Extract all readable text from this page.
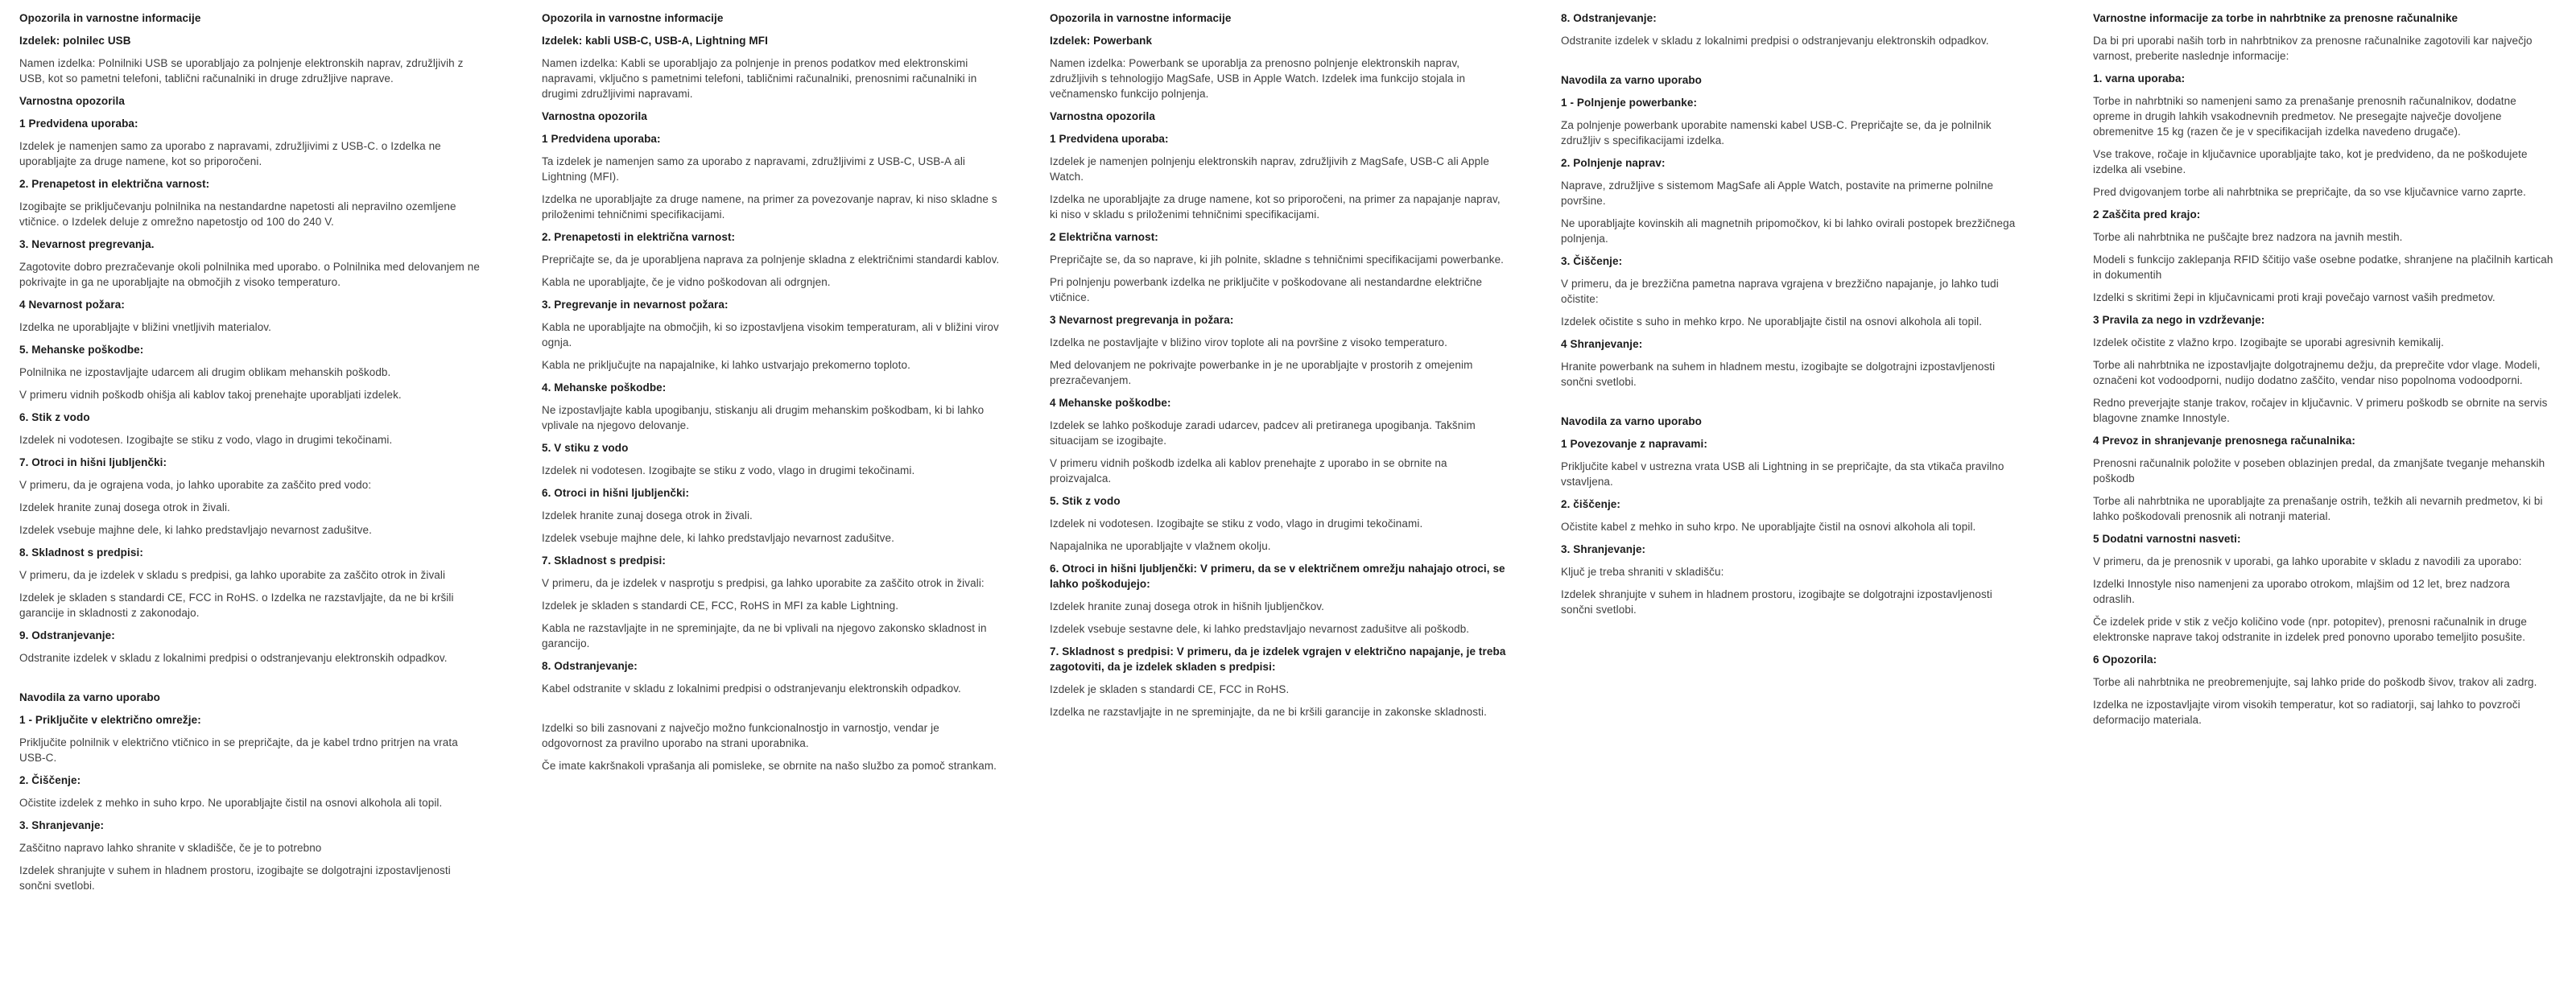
Opozorila in varnostne informacije

Izdelek: polnilec USB

Namen izdelka: Polnilniki USB se uporabljajo za polnjenje elektronskih naprav, združljivih z USB, kot so pametni telefoni, tablični računalniki in druge združljive naprave.

Varnostna opozorila

1 Predvidena uporaba:

Izdelek je namenjen samo za uporabo z napravami, združljivimi z USB-C. o Izdelka ne uporabljajte za druge namene, kot so priporočeni.

2. Prenapetost in električna varnost:

Izogibajte se priključevanju polnilnika na nestandardne napetosti ali nepravilno ozemljene vtičnice. o Izdelek deluje z omrežno napetostjo od 100 do 240 V.

3. Nevarnost pregrevanja.

Zagotovite dobro prezračevanje okoli polnilnika med uporabo. o Polnilnika med delovanjem ne pokrivajte in ga ne uporabljajte na območjih z visoko temperaturo.

4 Nevarnost požara:

Izdelka ne uporabljajte v bližini vnetljivih materialov.

5. Mehanske poškodbe:

Polnilnika ne izpostavljajte udarcem ali drugim oblikam mehanskih poškodb.

V primeru vidnih poškodb ohišja ali kablov takoj prenehajte uporabljati izdelek.

6. Stik z vodo

Izdelek ni vodotesen. Izogibajte se stiku z vodo, vlago in drugimi tekočinami.

7. Otroci in hišni ljubljenčki:

V primeru, da je ograjena voda, jo lahko uporabite za zaščito pred vodo:

Izdelek hranite zunaj dosega otrok in živali.

Izdelek vsebuje majhne dele, ki lahko predstavljajo nevarnost zadušitve.

8. Skladnost s predpisi:

V primeru, da je izdelek v skladu s predpisi, ga lahko uporabite za zaščito otrok in živali

Izdelek je skladen s standardi CE, FCC in RoHS. o Izdelka ne razstavljajte, da ne bi kršili garancije in skladnosti z zakonodajo.

9. Odstranjevanje:

Odstranite izdelek v skladu z lokalnimi predpisi o odstranjevanju elektronskih odpadkov.

Navodila za varno uporabo

1 - Priključite v električno omrežje:

Priključite polnilnik v električno vtičnico in se prepričajte, da je kabel trdno pritrjen na vrata USB-C.

2. Čiščenje:

Očistite izdelek z mehko in suho krpo. Ne uporabljajte čistil na osnovi alkohola ali topil.

3. Shranjevanje:

Zaščitno napravo lahko shranite v skladišče, če je to potrebno

Izdelek shranjujte v suhem in hladnem prostoru, izogibajte se dolgotrajni izpostavljenosti sončni svetlobi.

Opozorila in varnostne informacije

Izdelek: kabli USB-C, USB-A, Lightning MFI

Namen izdelka: Kabli se uporabljajo za polnjenje in prenos podatkov med elektronskimi napravami, vključno s pametnimi telefoni, tabličnimi računalniki, prenosnimi računalniki in drugimi združljivimi napravami.

Varnostna opozorila

1 Predvidena uporaba:

Ta izdelek je namenjen samo za uporabo z napravami, združljivimi z USB-C, USB-A ali Lightning (MFI).

Izdelka ne uporabljajte za druge namene, na primer za povezovanje naprav, ki niso skladne s priloženimi tehničnimi specifikacijami.

2. Prenapetosti in električna varnost:

Prepričajte se, da je uporabljena naprava za polnjenje skladna z električnimi standardi kablov.

Kabla ne uporabljajte, če je vidno poškodovan ali odrgnjen.

3. Pregrevanje in nevarnost požara:

Kabla ne uporabljajte na območjih, ki so izpostavljena visokim temperaturam, ali v bližini virov ognja.

Kabla ne priključujte na napajalnike, ki lahko ustvarjajo prekomerno toploto.

4. Mehanske poškodbe:

Ne izpostavljajte kabla upogibanju, stiskanju ali drugim mehanskim poškodbam, ki bi lahko vplivale na njegovo delovanje.

5. V stiku z vodo

Izdelek ni vodotesen. Izogibajte se stiku z vodo, vlago in drugimi tekočinami.

6. Otroci in hišni ljubljenčki:

Izdelek hranite zunaj dosega otrok in živali.

Izdelek vsebuje majhne dele, ki lahko predstavljajo nevarnost zadušitve.

7. Skladnost s predpisi:

V primeru, da je izdelek v nasprotju s predpisi, ga lahko uporabite za zaščito otrok in živali:

Izdelek je skladen s standardi CE, FCC, RoHS in MFI za kable Lightning.

Kabla ne razstavljajte in ne spreminjajte, da ne bi vplivali na njegovo zakonsko skladnost in garancijo.

8. Odstranjevanje:

Kabel odstranite v skladu z lokalnimi predpisi o odstranjevanju elektronskih odpadkov.

Izdelki so bili zasnovani z največjo možno funkcionalnostjo in varnostjo, vendar je odgovornost za pravilno uporabo na strani uporabnika.

Če imate kakršnakoli vprašanja ali pomisleke, se obrnite na našo službo za pomoč strankam.

Opozorila in varnostne informacije

Izdelek: Powerbank

Namen izdelka: Powerbank se uporablja za prenosno polnjenje elektronskih naprav, združljivih s tehnologijo MagSafe, USB in Apple Watch. Izdelek ima funkcijo stojala in večnamensko funkcijo polnjenja.

Varnostna opozorila

1 Predvidena uporaba:

Izdelek je namenjen polnjenju elektronskih naprav, združljivih z MagSafe, USB-C ali Apple Watch.

Izdelka ne uporabljajte za druge namene, kot so priporočeni, na primer za napajanje naprav, ki niso v skladu s priloženimi tehničnimi specifikacijami.

2 Električna varnost:

Prepričajte se, da so naprave, ki jih polnite, skladne s tehničnimi specifikacijami powerbanke.

Pri polnjenju powerbank izdelka ne priključite v poškodovane ali nestandardne električne vtičnice.

3 Nevarnost pregrevanja in požara:

Izdelka ne postavljajte v bližino virov toplote ali na površine z visoko temperaturo.

Med delovanjem ne pokrivajte powerbanke in je ne uporabljajte v prostorih z omejenim prezračevanjem.

4 Mehanske poškodbe:

Izdelek se lahko poškoduje zaradi udarcev, padcev ali pretiranega upogibanja. Takšnim situacijam se izogibajte.

V primeru vidnih poškodb izdelka ali kablov prenehajte z uporabo in se obrnite na proizvajalca.

5. Stik z vodo

Izdelek ni vodotesen. Izogibajte se stiku z vodo, vlago in drugimi tekočinami.

Napajalnika ne uporabljajte v vlažnem okolju.

6. Otroci in hišni ljubljenčki: V primeru, da se v električnem omrežju nahajajo otroci, se lahko poškodujejo:

Izdelek hranite zunaj dosega otrok in hišnih ljubljenčkov.

Izdelek vsebuje sestavne dele, ki lahko predstavljajo nevarnost zadušitve ali poškodb.

7. Skladnost s predpisi: V primeru, da je izdelek vgrajen v električno napajanje, je treba zagotoviti, da je izdelek skladen s predpisi:

Izdelek je skladen s standardi CE, FCC in RoHS.

Izdelka ne razstavljajte in ne spreminjajte, da ne bi kršili garancije in zakonske skladnosti.

8. Odstranjevanje:

Odstranite izdelek v skladu z lokalnimi predpisi o odstranjevanju elektronskih odpadkov.

Navodila za varno uporabo

1 - Polnjenje powerbanke:

Za polnjenje powerbank uporabite namenski kabel USB-C. Prepričajte se, da je polnilnik združljiv s specifikacijami izdelka.

2. Polnjenje naprav:

Naprave, združljive s sistemom MagSafe ali Apple Watch, postavite na primerne polnilne površine.

Ne uporabljajte kovinskih ali magnetnih pripomočkov, ki bi lahko ovirali postopek brezžičnega polnjenja.

3. Čiščenje:

V primeru, da je brezžična pametna naprava vgrajena v brezžično napajanje, jo lahko tudi očistite:

Izdelek očistite s suho in mehko krpo. Ne uporabljajte čistil na osnovi alkohola ali topil.

4 Shranjevanje:

Hranite powerbank na suhem in hladnem mestu, izogibajte se dolgotrajni izpostavljenosti sončni svetlobi.

Navodila za varno uporabo

1 Povezovanje z napravami:

Priključite kabel v ustrezna vrata USB ali Lightning in se prepričajte, da sta vtikača pravilno vstavljena.

2. čiščenje:

Očistite kabel z mehko in suho krpo. Ne uporabljajte čistil na osnovi alkohola ali topil.

3. Shranjevanje:

Ključ je treba shraniti v skladišču:

Izdelek shranjujte v suhem in hladnem prostoru, izogibajte se dolgotrajni izpostavljenosti sončni svetlobi.

Varnostne informacije za torbe in nahrbtnike za prenosne računalnike

Da bi pri uporabi naših torb in nahrbtnikov za prenosne računalnike zagotovili kar največjo varnost, preberite naslednje informacije:

1. varna uporaba:

Torbe in nahrbtniki so namenjeni samo za prenašanje prenosnih računalnikov, dodatne opreme in drugih lahkih vsakodnevnih predmetov. Ne presegajte največje dovoljene obremenitve 15 kg (razen če je v specifikacijah izdelka navedeno drugače).

Vse trakove, ročaje in ključavnice uporabljajte tako, kot je predvideno, da ne poškodujete izdelka ali vsebine.

Pred dvigovanjem torbe ali nahrbtnika se prepričajte, da so vse ključavnice varno zaprte.

2 Zaščita pred krajo:

Torbe ali nahrbtnika ne puščajte brez nadzora na javnih mestih.

Modeli s funkcijo zaklepanja RFID ščitijo vaše osebne podatke, shranjene na plačilnih karticah in dokumentih

Izdelki s skritimi žepi in ključavnicami proti kraji povečajo varnost vaših predmetov.

3 Pravila za nego in vzdrževanje:

Izdelek očistite z vlažno krpo. Izogibajte se uporabi agresivnih kemikalij.

Torbe ali nahrbtnika ne izpostavljajte dolgotrajnemu dežju, da preprečite vdor vlage. Modeli, označeni kot vodoodporni, nudijo dodatno zaščito, vendar niso popolnoma vodoodporni.

Redno preverjajte stanje trakov, ročajev in ključavnic. V primeru poškodb se obrnite na servis blagovne znamke Innostyle.

4 Prevoz in shranjevanje prenosnega računalnika:

Prenosni računalnik položite v poseben oblazinjen predal, da zmanjšate tveganje mehanskih poškodb

Torbe ali nahrbtnika ne uporabljajte za prenašanje ostrih, težkih ali nevarnih predmetov, ki bi lahko poškodovali prenosnik ali notranji material.

5 Dodatni varnostni nasveti:

V primeru, da je prenosnik v uporabi, ga lahko uporabite v skladu z navodili za uporabo:

Izdelki Innostyle niso namenjeni za uporabo otrokom, mlajšim od 12 let, brez nadzora odraslih.

Če izdelek pride v stik z večjo količino vode (npr. potopitev), prenosni računalnik in druge elektronske naprave takoj odstranite in izdelek pred ponovno uporabo temeljito posušite.

6 Opozorila:

Torbe ali nahrbtnika ne preobremenjujte, saj lahko pride do poškodb šivov, trakov ali zadrg.

Izdelka ne izpostavljajte virom visokih temperatur, kot so radiatorji, saj lahko to povzroči deformacijo materiala.
